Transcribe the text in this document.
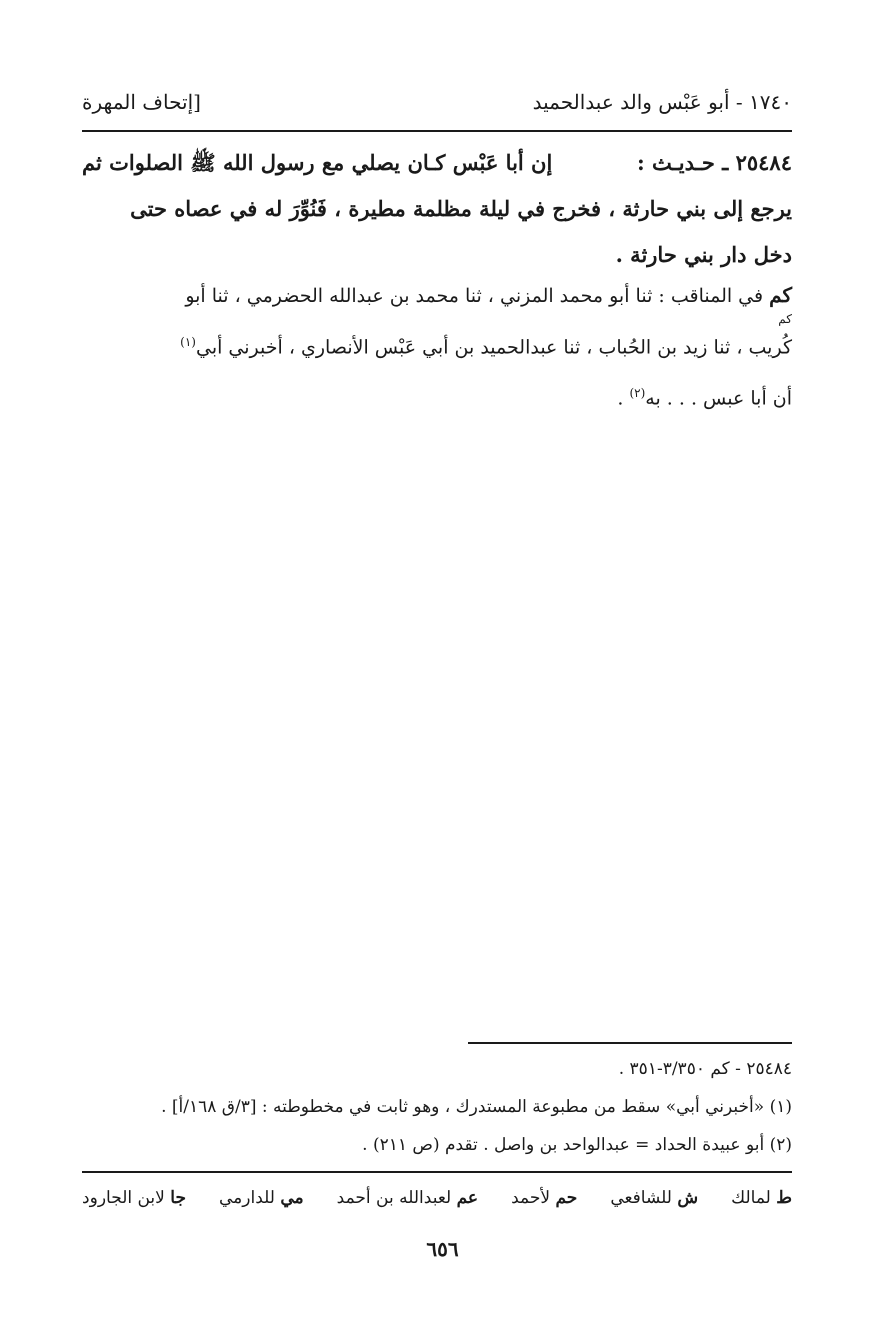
١٧٤٠ - أبو عَبْس والد عبدالحميد
[إتحاف المهرة
٢٥٤٨٤ ـ حـديـث :
إن أبا عَبْس كـان يصلي مع رسول الله ﷺ الصلوات ثم
كم
يرجع إلى بني حارثة ، فخرج في ليلة مظلمة مطيرة ، فَنُوِّرَ له في عصاه حتى
دخل دار بني حارثة .
كم في المناقب : ثنا أبو محمد المزني ، ثنا محمد بن عبدالله الحضرمي ، ثنا أبو
كُريب ، ثنا زيد بن الحُباب ، ثنا عبدالحميد بن أبي عَبْس الأنصاري ، أخبرني أبي$^{(١)}$
أن أبا عبس . . . به$^{(٢)}$ .
٢٥٤٨٤ - كم ٣/٣٥٠-٣٥١ .
(١) «أخبرني أبي» سقط من مطبوعة المستدرك ، وهو ثابت في مخطوطته : [٣/ق ١٦٨/أ] .
(٢) أبو عبيدة الحداد = عبدالواحد بن واصل . تقدم (ص ٢١١) .
ط لمالك
ش للشافعي
حم لأحمد
عم لعبدالله بن أحمد
مي للدارمي
جا لابن الجارود
٦٥٦
